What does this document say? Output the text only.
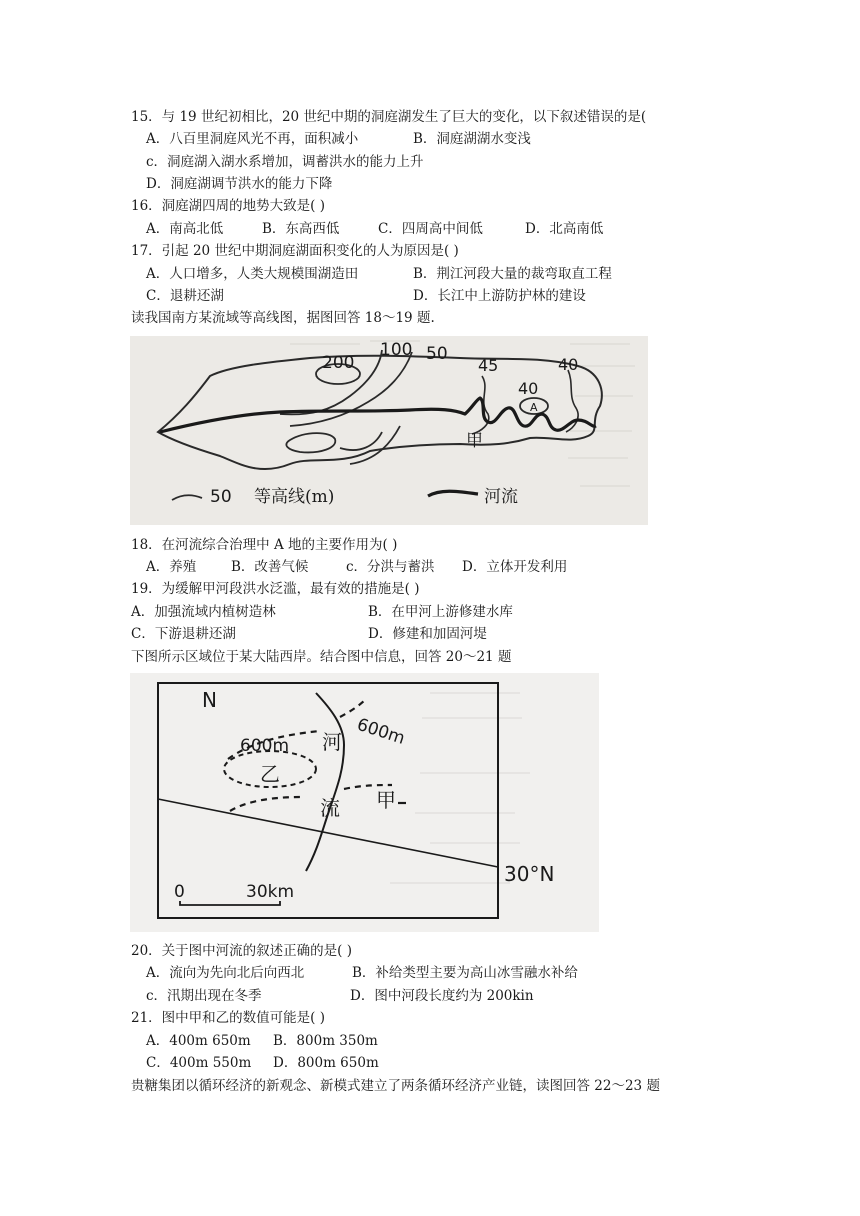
15．与 19 世纪初相比，20 世纪中期的洞庭湖发生了巨大的变化，以下叙述错误的是(
A．八百里洞庭风光不再，面积减小	B．洞庭湖湖水变浅
c．洞庭湖入湖水系增加，调蓄洪水的能力上升
D．洞庭湖调节洪水的能力下降
16．洞庭湖四周的地势大致是( )
A．南高北低	B．东高西低	C．四周高中间低	D．北高南低
17．引起 20 世纪中期洞庭湖面积变化的人为原因是( )
A．人口增多，人类大规模围湖造田	B．荆江河段大量的裁弯取直工程
C．退耕还湖	D．长江中上游防护林的建设
读我国南方某流域等高线图，据图回答 18～19 题.
200
100 50
45
40
40
A
甲
50 等高线(m)	河流
18．在河流综合治理中 A 地的主要作用为( )
A．养殖	B．改善气候	c．分洪与蓄洪 D．立体开发利用
19．为缓解甲河段洪水泛滥，最有效的措施是( )
A．加强流域内植树造林	B．在甲河上游修建水库
C．下游退耕还湖	D．修建和加固河堤
下图所示区域位于某大陆西岸。结合图中信息，回答 20～21 题
N
600m
600m
乙
河
流 甲
30°N
0	30km
20．关于图中河流的叙述正确的是( )
A．流向为先向北后向西北	B．补给类型主要为高山冰雪融水补给
c．汛期出现在冬季	D．图中河段长度约为 200kin
21．图中甲和乙的数值可能是( )
A．400m 650m B．800m 350m
C．400m 550m D．800m 650m
贵糖集团以循环经济的新观念、新模式建立了两条循环经济产业链，读图回答 22～23 题
